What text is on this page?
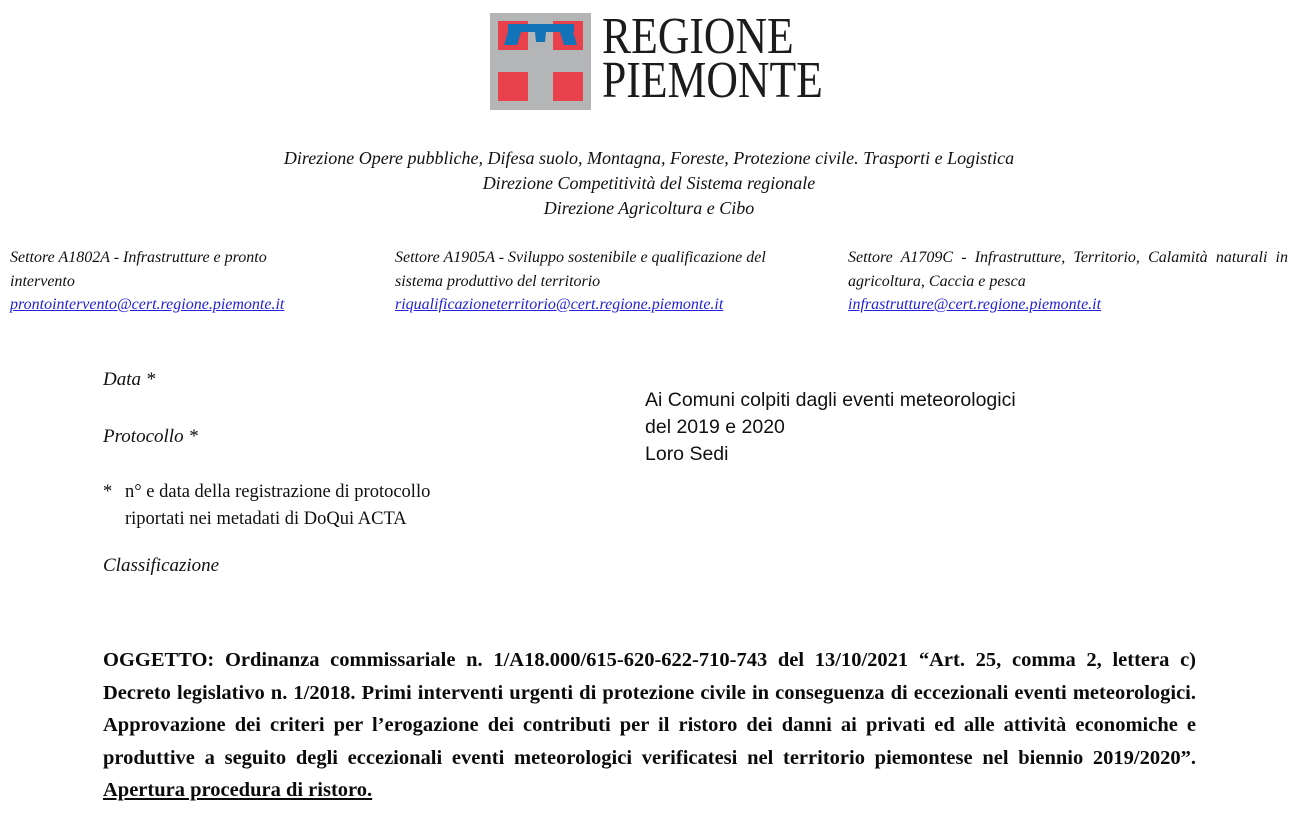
REGIONE
PIEMONTE
Direzione Opere pubbliche, Difesa suolo, Montagna, Foreste, Protezione civile. Trasporti e Logistica
Direzione Competitività del Sistema regionale
Direzione Agricoltura e Cibo
Settore A1802A - Infrastrutture e pronto intervento
prontointervento@cert.regione.piemonte.it
Settore A1905A - Sviluppo sostenibile e qualificazione del sistema produttivo del territorio
riqualificazioneterritorio@cert.regione.piemonte.it
Settore A1709C - Infrastrutture, Territorio, Calamità naturali in agricoltura, Caccia e pesca
infrastrutture@cert.regione.piemonte.it
Data *
Protocollo *
* n° e data della registrazione di protocollo
riportati nei metadati di DoQui ACTA
Classificazione
Ai Comuni colpiti dagli eventi meteorologici
del 2019 e 2020
Loro Sedi
OGGETTO: Ordinanza commissariale n. 1/A18.000/615-620-622-710-743 del 13/10/2021 “Art. 25, comma 2, lettera c) Decreto legislativo n. 1/2018. Primi interventi urgenti di protezione civile in conseguenza di eccezionali eventi meteorologici. Approvazione dei criteri per l’erogazione dei contributi per il ristoro dei danni ai privati ed alle attività economiche e produttive a seguito degli eccezionali eventi meteorologici verificatesi nel territorio piemontese nel biennio 2019/2020”. Apertura procedura di ristoro.
